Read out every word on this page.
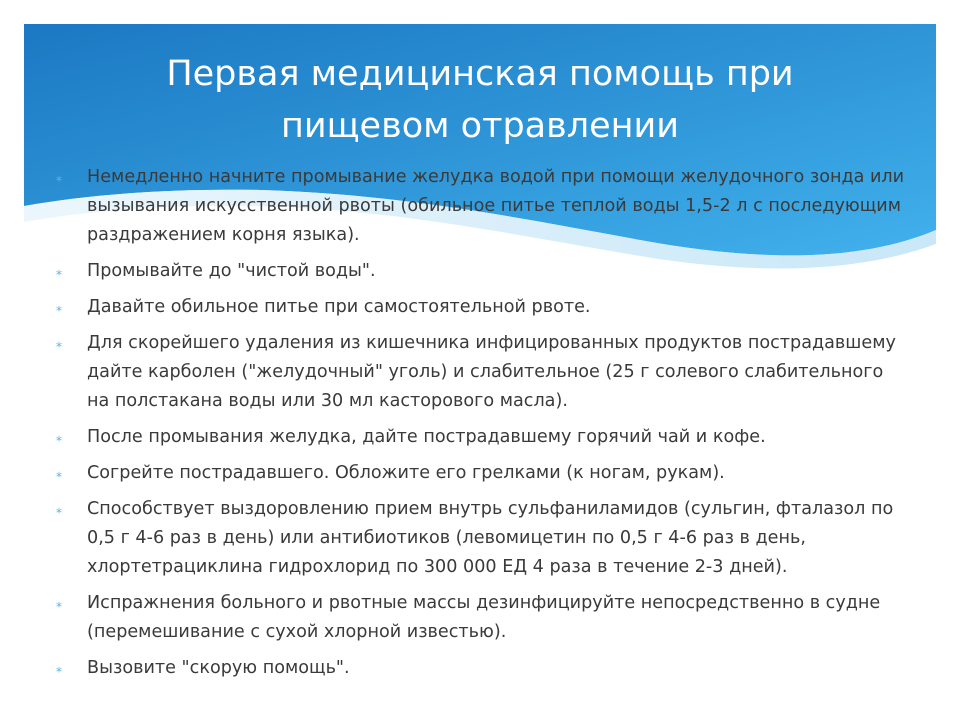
Первая медицинская помощь при
пищевом отравлении
⁎ Немедленно начните промывание желудка водой при помощи желудочного зонда или вызывания искусственной рвоты (обильное питье теплой воды 1,5-2 л с последующим раздражением корня языка).
⁎ Промывайте до "чистой воды".
⁎ Давайте обильное питье при самостоятельной рвоте.
⁎ Для скорейшего удаления из кишечника инфицированных продуктов пострадавшему дайте карболен ("желудочный" уголь) и слабительное (25 г солевого слабительного на полстакана воды или 30 мл касторового масла).
⁎ После промывания желудка, дайте пострадавшему горячий чай и кофе.
⁎ Согрейте пострадавшего. Обложите его грелками (к ногам, рукам).
⁎ Способствует выздоровлению прием внутрь сульфаниламидов (сульгин, фталазол по 0,5 г 4-6 раз в день) или антибиотиков (левомицетин по 0,5 г 4-6 раз в день, хлортетрациклина гидрохлорид по 300 000 ЕД 4 раза в течение 2-3 дней).
⁎ Испражнения больного и рвотные массы дезинфицируйте непосредственно в судне (перемешивание с сухой хлорной известью).
⁎ Вызовите "скорую помощь".
